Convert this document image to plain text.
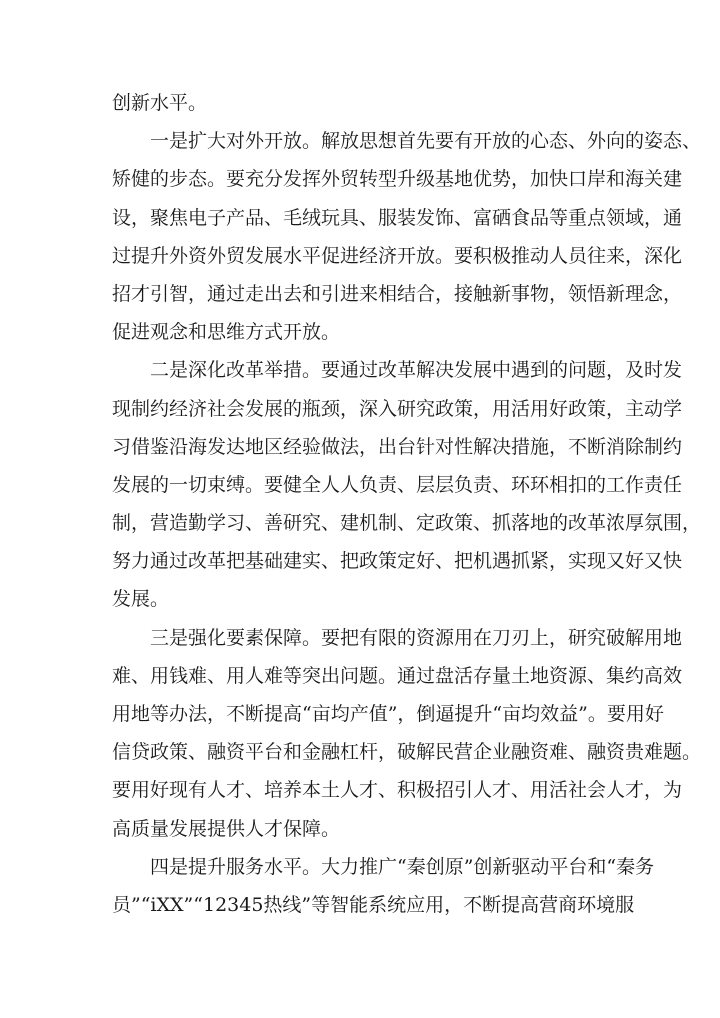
创新水平。
一是扩大对外开放。解放思想首先要有开放的心态、外向的姿态、
矫健的步态。要充分发挥外贸转型升级基地优势，加快口岸和海关建
设，聚焦电子产品、毛绒玩具、服装发饰、富硒食品等重点领域，通
过提升外资外贸发展水平促进经济开放。要积极推动人员往来，深化
招才引智，通过走出去和引进来相结合，接触新事物，领悟新理念，
促进观念和思维方式开放。
二是深化改革举措。要通过改革解决发展中遇到的问题，及时发
现制约经济社会发展的瓶颈，深入研究政策，用活用好政策，主动学
习借鉴沿海发达地区经验做法，出台针对性解决措施，不断消除制约
发展的一切束缚。要健全人人负责、层层负责、环环相扣的工作责任
制，营造勤学习、善研究、建机制、定政策、抓落地的改革浓厚氛围，
努力通过改革把基础建实、把政策定好、把机遇抓紧，实现又好又快
发展。
三是强化要素保障。要把有限的资源用在刀刃上，研究破解用地
难、用钱难、用人难等突出问题。通过盘活存量土地资源、集约高效
用地等办法，不断提高“亩均产值”，倒逼提升“亩均效益”。要用好
信贷政策、融资平台和金融杠杆，破解民营企业融资难、融资贵难题。
要用好现有人才、培养本土人才、积极招引人才、用活社会人才，为
高质量发展提供人才保障。
四是提升服务水平。大力推广“秦创原”创新驱动平台和“秦务
员”“iXX”“12345热线”等智能系统应用，不断提高营商环境服
